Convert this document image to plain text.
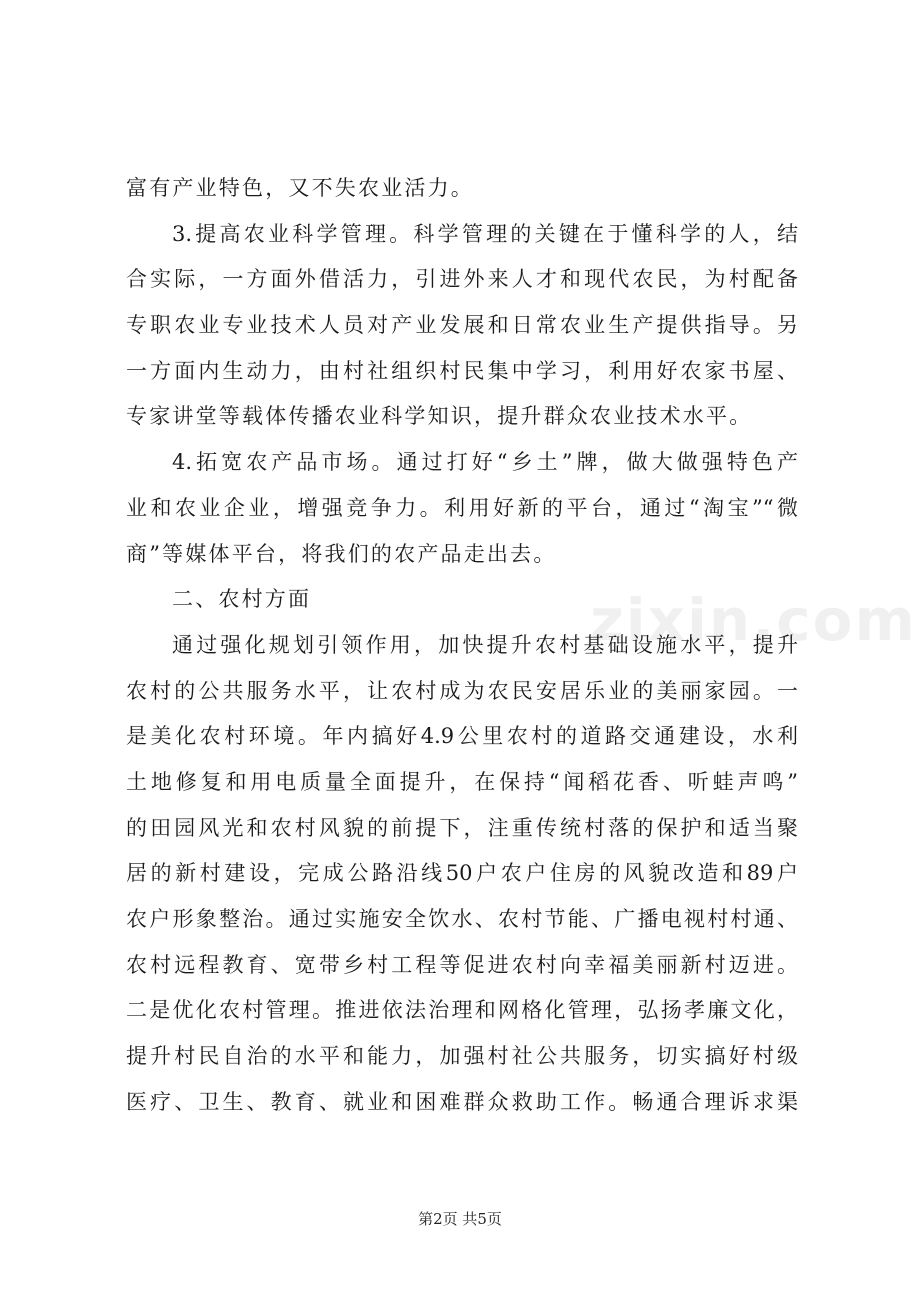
富有产业特色，又不失农业活力。
3.提高农业科学管理。科学管理的关键在于懂科学的人，结
合实际，一方面外借活力，引进外来人才和现代农民，为村配备
专职农业专业技术人员对产业发展和日常农业生产提供指导。另
一方面内生动力，由村社组织村民集中学习，利用好农家书屋、
专家讲堂等载体传播农业科学知识，提升群众农业技术水平。
4.拓宽农产品市场。通过打好“乡土”牌，做大做强特色产
业和农业企业，增强竞争力。利用好新的平台，通过“淘宝”“微
商”等媒体平台，将我们的农产品走出去。
二、农村方面
通过强化规划引领作用，加快提升农村基础设施水平，提升
农村的公共服务水平，让农村成为农民安居乐业的美丽家园。一
是美化农村环境。年内搞好4.9公里农村的道路交通建设，水利
土地修复和用电质量全面提升，在保持“闻稻花香、听蛙声鸣”
的田园风光和农村风貌的前提下，注重传统村落的保护和适当聚
居的新村建设，完成公路沿线50户农户住房的风貌改造和89户
农户形象整治。通过实施安全饮水、农村节能、广播电视村村通、
农村远程教育、宽带乡村工程等促进农村向幸福美丽新村迈进。
二是优化农村管理。推进依法治理和网格化管理，弘扬孝廉文化，
提升村民自治的水平和能力，加强村社公共服务，切实搞好村级
医疗、卫生、教育、就业和困难群众救助工作。畅通合理诉求渠
zixin.com
第2页 共5页
